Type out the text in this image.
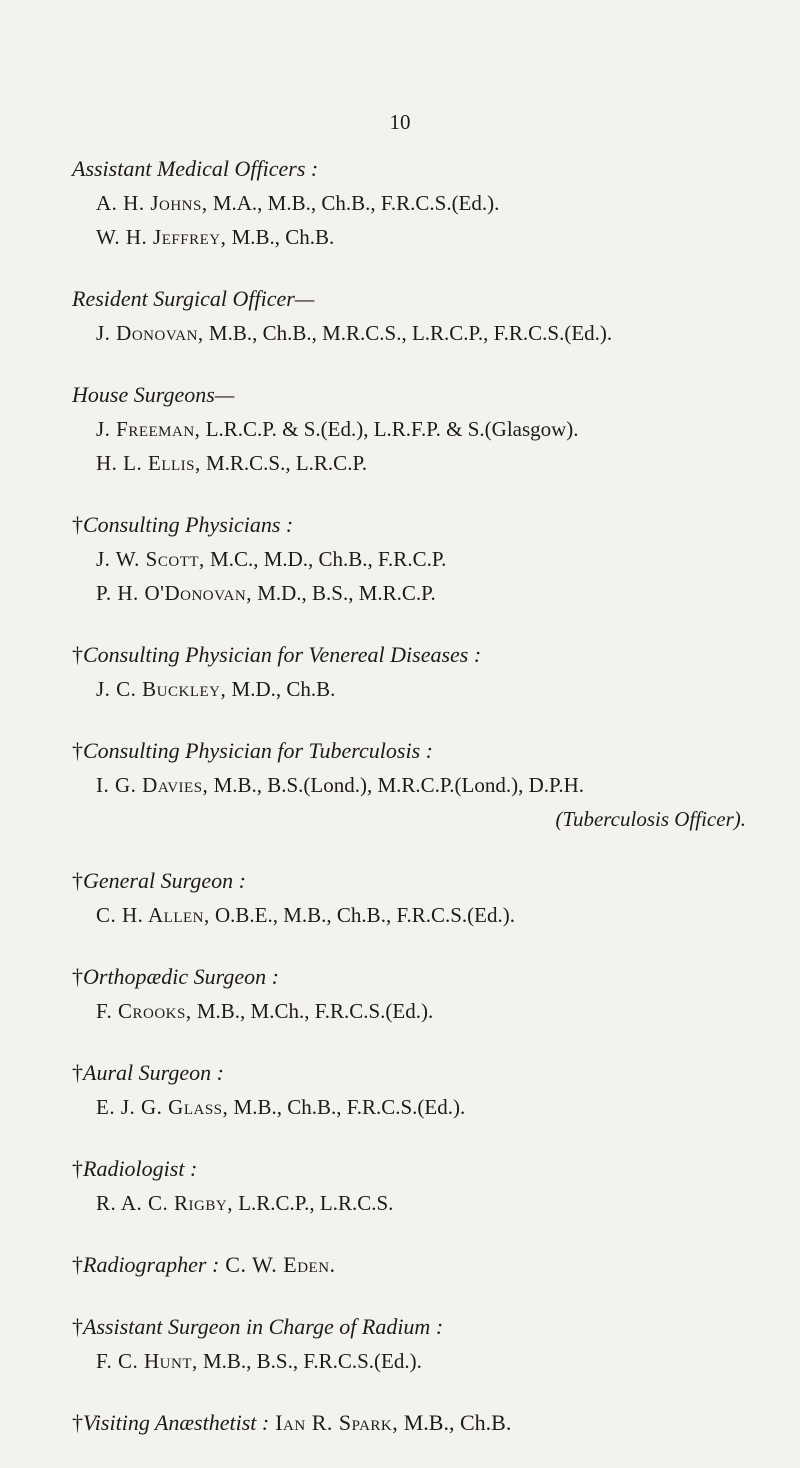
10
Assistant Medical Officers :
A. H. Johns, M.A., M.B., Ch.B., F.R.C.S.(Ed.).
W. H. Jeffrey, M.B., Ch.B.
Resident Surgical Officer—
J. Donovan, M.B., Ch.B., M.R.C.S., L.R.C.P., F.R.C.S.(Ed.).
House Surgeons—
J. Freeman, L.R.C.P. & S.(Ed.), L.R.F.P. & S.(Glasgow).
H. L. Ellis, M.R.C.S., L.R.C.P.
†Consulting Physicians :
J. W. Scott, M.C., M.D., Ch.B., F.R.C.P.
P. H. O'Donovan, M.D., B.S., M.R.C.P.
†Consulting Physician for Venereal Diseases :
J. C. Buckley, M.D., Ch.B.
†Consulting Physician for Tuberculosis :
I. G. Davies, M.B., B.S.(Lond.), M.R.C.P.(Lond.), D.P.H.
(Tuberculosis Officer).
†General Surgeon :
C. H. Allen, O.B.E., M.B., Ch.B., F.R.C.S.(Ed.).
†Orthopædic Surgeon :
F. Crooks, M.B., M.Ch., F.R.C.S.(Ed.).
†Aural Surgeon :
E. J. G. Glass, M.B., Ch.B., F.R.C.S.(Ed.).
†Radiologist :
R. A. C. Rigby, L.R.C.P., L.R.C.S.
†Radiographer : C. W. Eden.
†Assistant Surgeon in Charge of Radium :
F. C. Hunt, M.B., B.S., F.R.C.S.(Ed.).
†Visiting Anæsthetist : Ian R. Spark, M.B., Ch.B.
